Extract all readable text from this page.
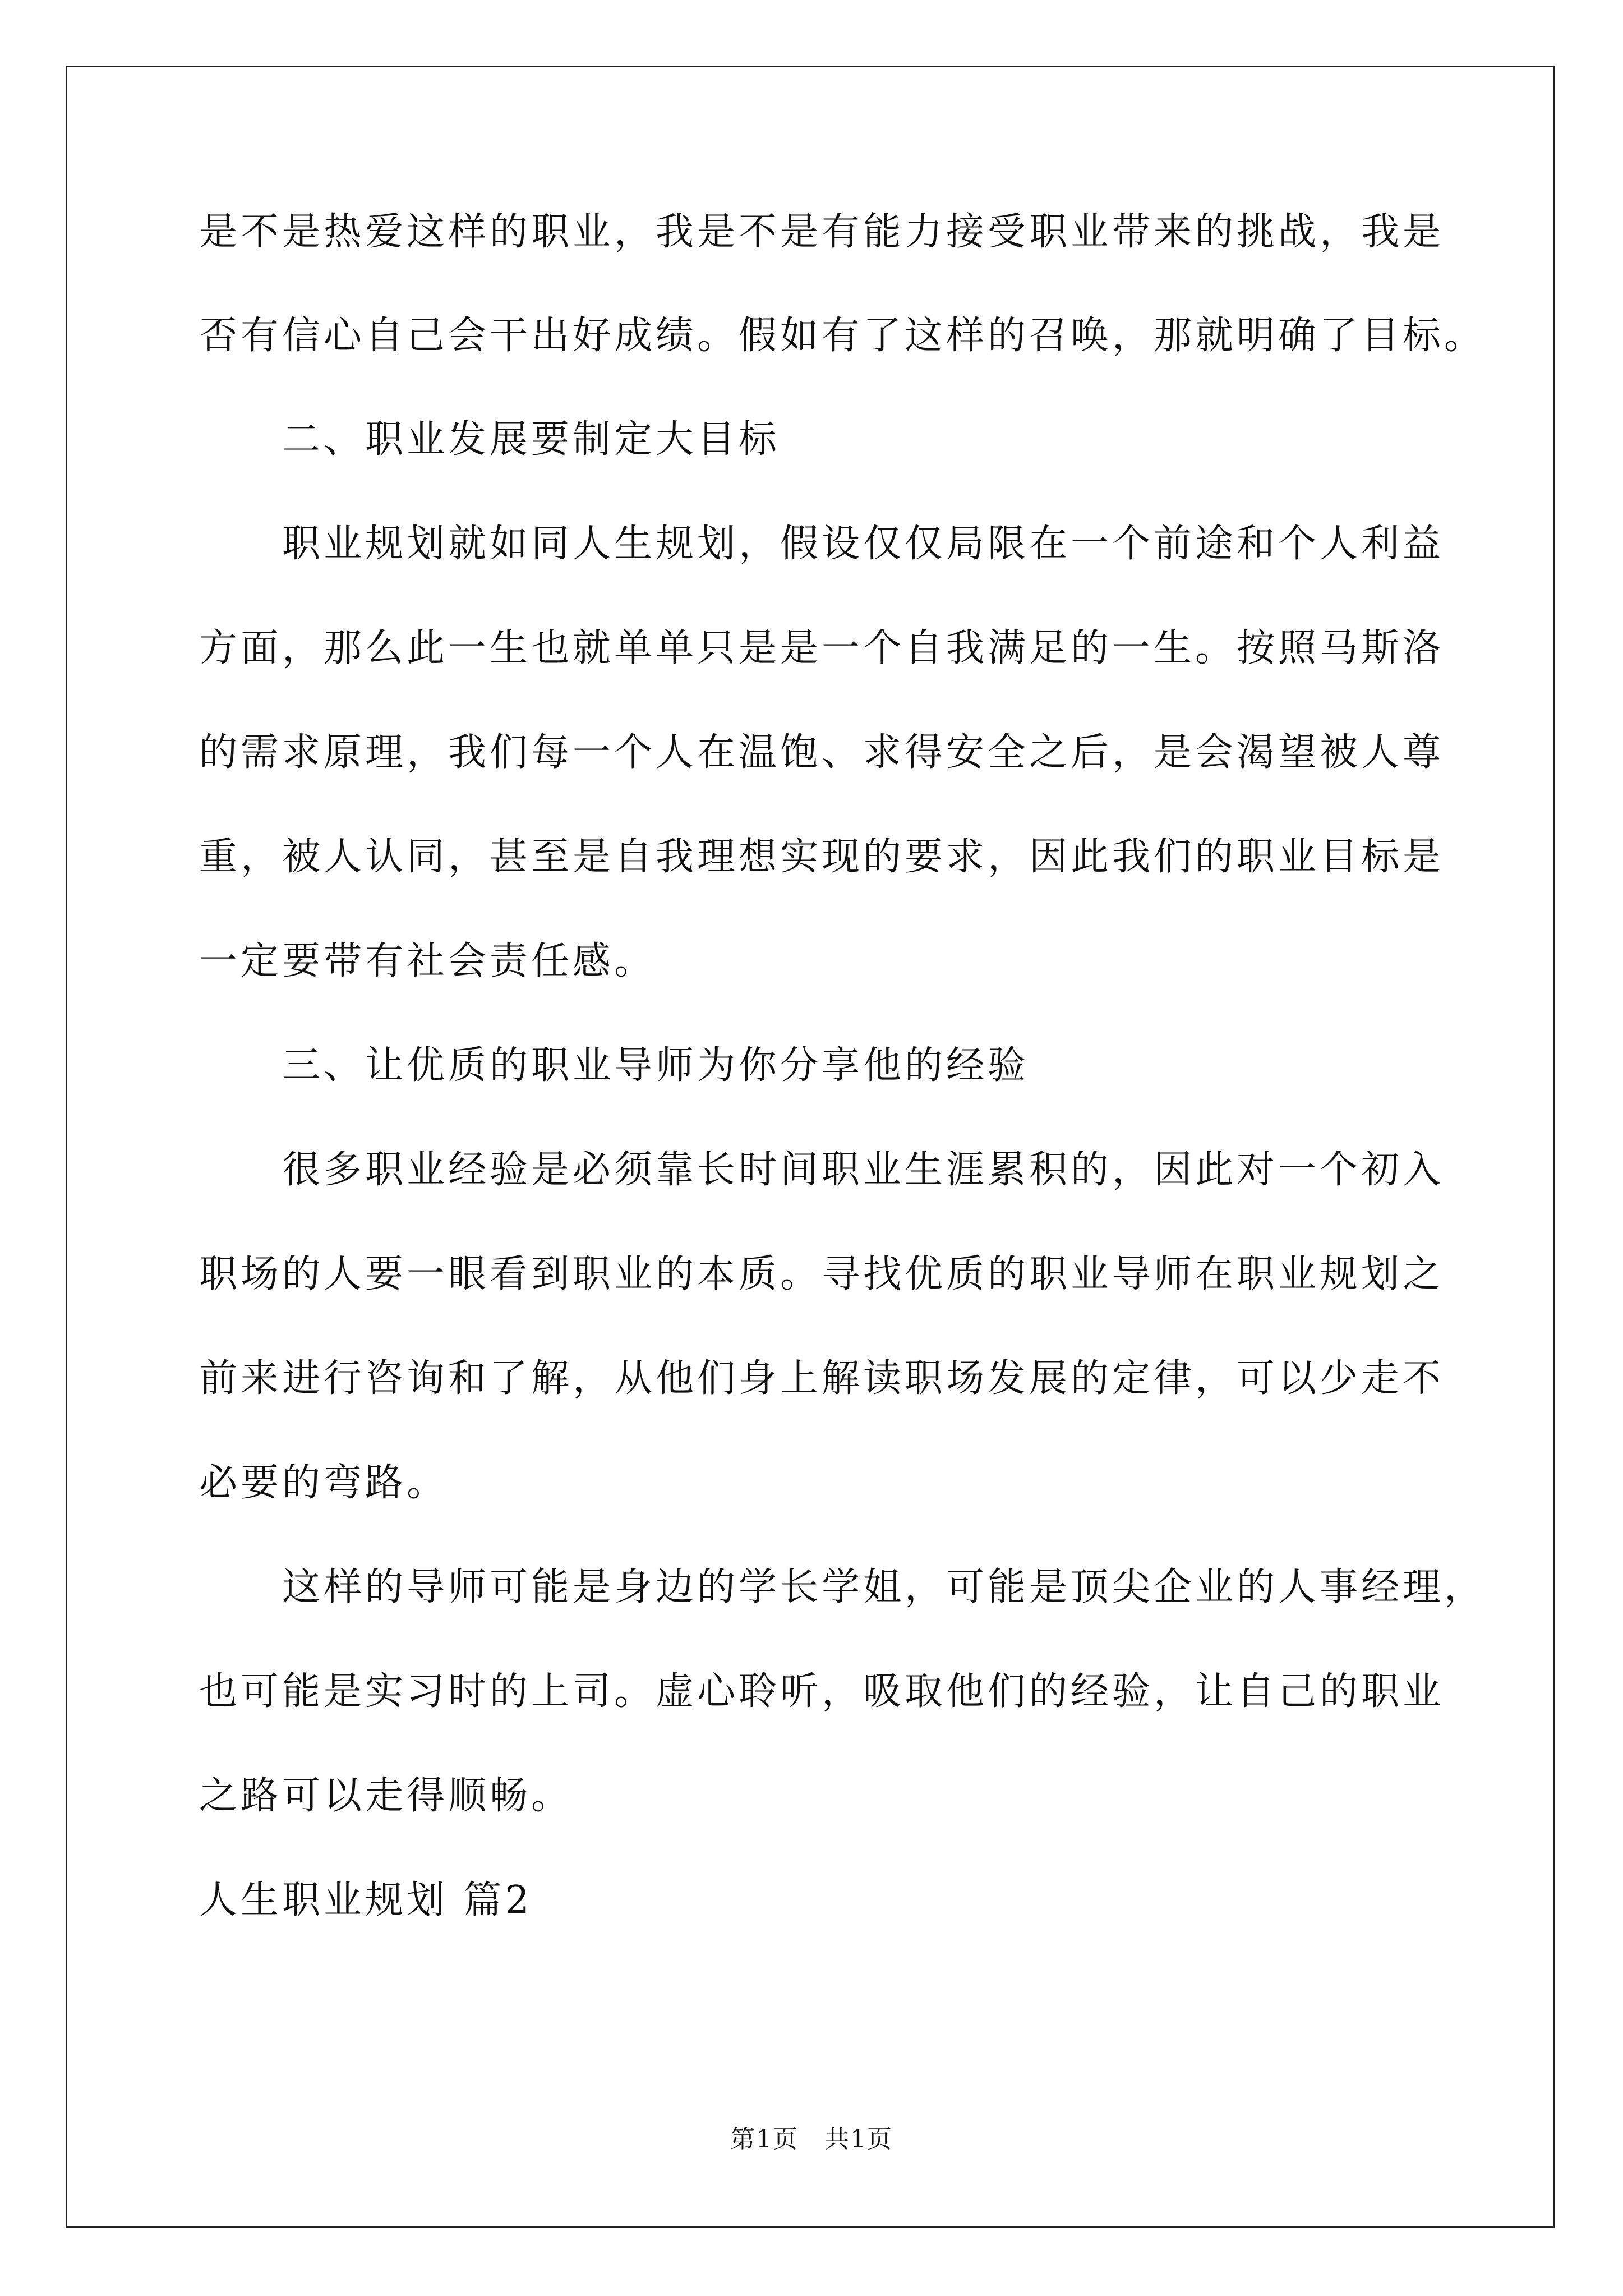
是不是热爱这样的职业，我是不是有能力接受职业带来的挑战，我是
否有信心自己会干出好成绩。假如有了这样的召唤，那就明确了目标。
二、职业发展要制定大目标
职业规划就如同人生规划，假设仅仅局限在一个前途和个人利益
方面，那么此一生也就单单只是是一个自我满足的一生。按照马斯洛
的需求原理，我们每一个人在温饱、求得安全之后，是会渴望被人尊
重，被人认同，甚至是自我理想实现的要求，因此我们的职业目标是
一定要带有社会责任感。
三、让优质的职业导师为你分享他的经验
很多职业经验是必须靠长时间职业生涯累积的，因此对一个初入
职场的人要一眼看到职业的本质。寻找优质的职业导师在职业规划之
前来进行咨询和了解，从他们身上解读职场发展的定律，可以少走不
必要的弯路。
这样的导师可能是身边的学长学姐，可能是顶尖企业的人事经理，
也可能是实习时的上司。虚心聆听，吸取他们的经验，让自己的职业
之路可以走得顺畅。
人生职业规划 篇2
第1页　共1页
